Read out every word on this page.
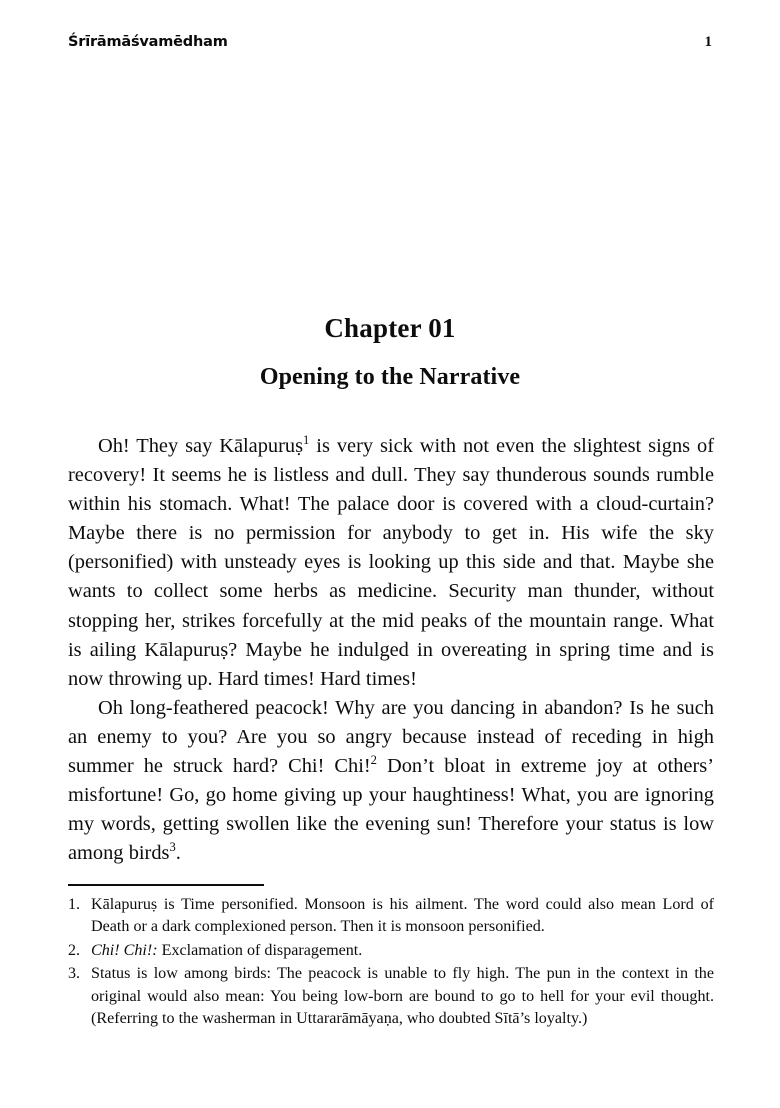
Śrīrāmāśvamēdham	1
Chapter 01
Opening to the Narrative

Oh! They say Kālapuruṣ$^1$ is very sick with not even the slightest signs of recovery! It seems he is listless and dull. They say thunderous sounds rumble within his stomach. What! The palace door is covered with a cloud-curtain? Maybe there is no permission for anybody to get in. His wife the sky (personified) with unsteady eyes is looking up this side and that. Maybe she wants to collect some herbs as medicine. Security man thunder, without stopping her, strikes forcefully at the mid peaks of the mountain range. What is ailing Kālapuruṣ? Maybe he indulged in overeating in spring time and is now throwing up. Hard times! Hard times!

Oh long-feathered peacock! Why are you dancing in abandon? Is he such an enemy to you? Are you so angry because instead of receding in high summer he struck hard? Chi! Chi!$^2$ Don’t bloat in extreme joy at others’ misfortune! Go, go home giving up your haughtiness! What, you are ignoring my words, getting swollen like the evening sun! Therefore your status is low among birds$^3$.

1. Kālapuruṣ is Time personified. Monsoon is his ailment. The word could also mean Lord of Death or a dark complexioned person. Then it is monsoon personified.

2. Chi! Chi!: Exclamation of disparagement.

3. Status is low among birds: The peacock is unable to fly high. The pun in the context in the original would also mean: You being low-born are bound to go to hell for your evil thought. (Referring to the washerman in Uttararāmāyaṇa, who doubted Sītā’s loyalty.)
